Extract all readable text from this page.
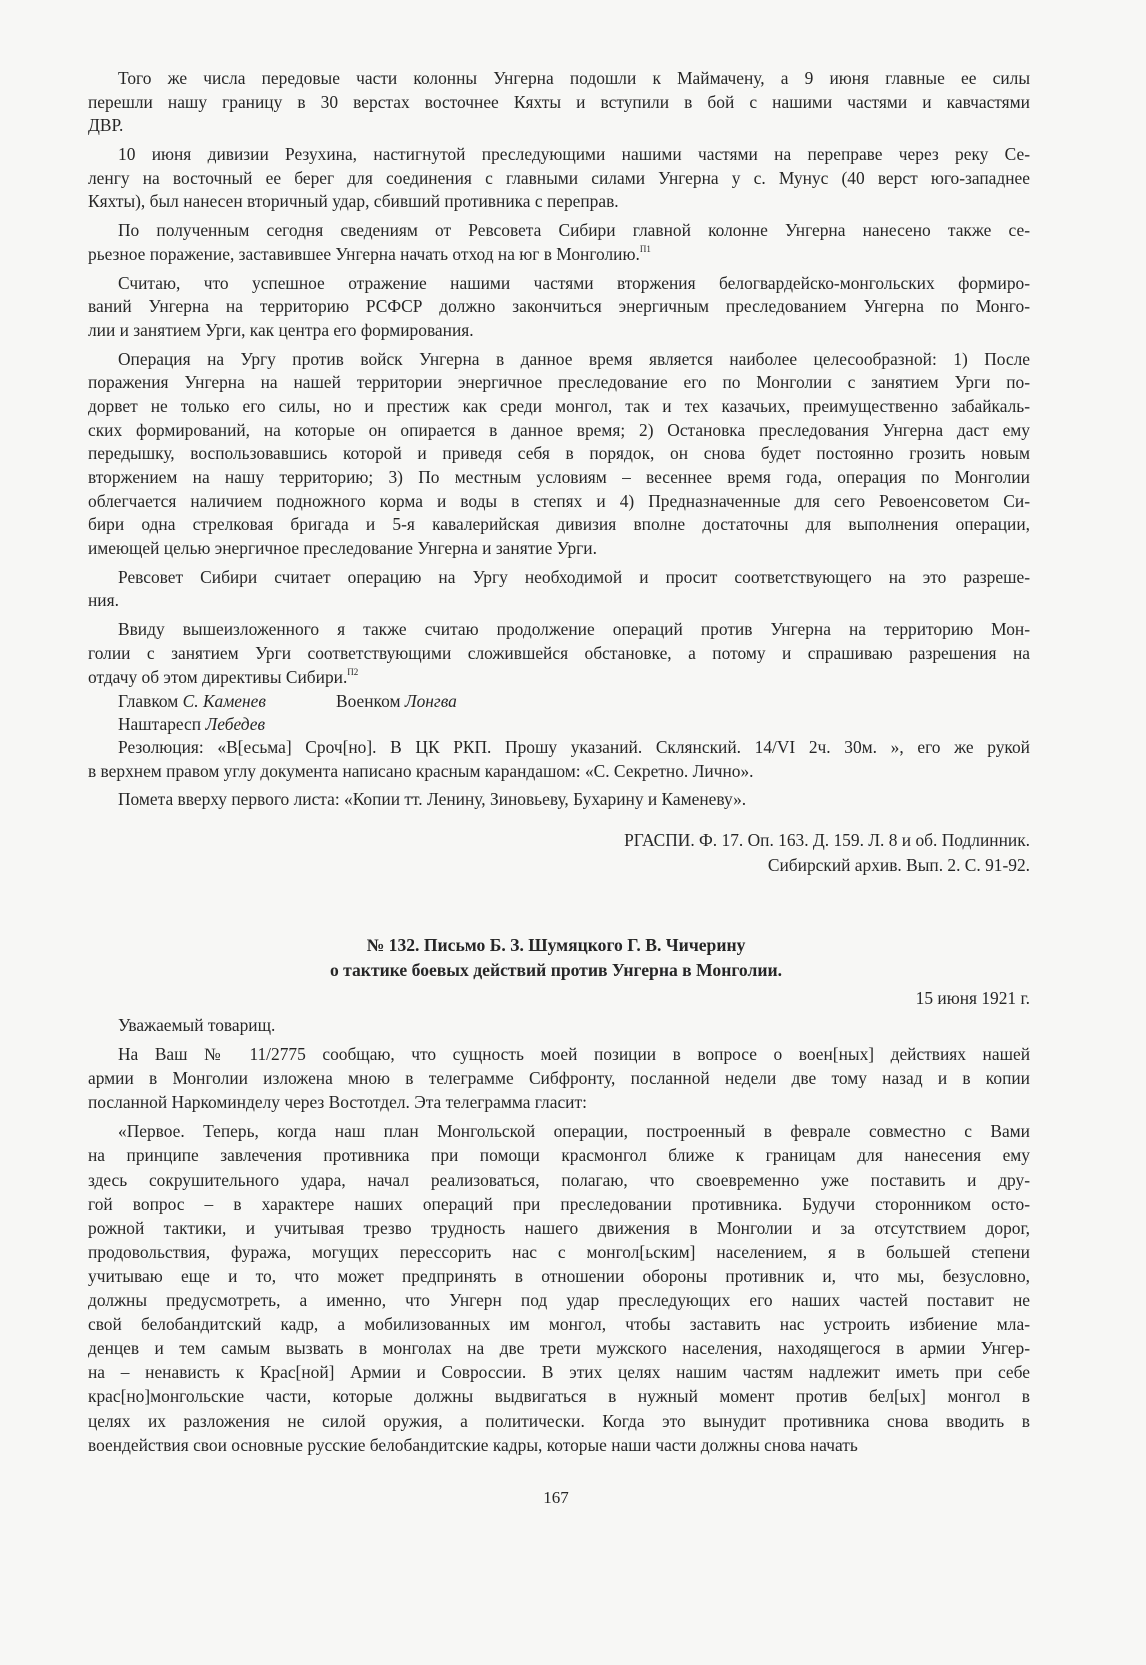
Того же числа передовые части колонны Унгерна подошли к Маймачену, а 9 июня главные ее силы
перешли нашу границу в 30 верстах восточнее Кяхты и вступили в бой с нашими частями и кавчастями
ДВР.
10 июня дивизии Резухина, настигнутой преследующими нашими частями на переправе через реку Се-
ленгу на восточный ее берег для соединения с главными силами Унгерна у с. Мунус (40 верст юго-западнее
Кяхты), был нанесен вторичный удар, сбивший противника с переправ.
По полученным сегодня сведениям от Ревсовета Сибири главной колонне Унгерна нанесено также се-
рьезное поражение, заставившее Унгерна начать отход на юг в Монголию.$^{П1}$
Считаю, что успешное отражение нашими частями вторжения белогвардейско-монгольских формиро-
ваний Унгерна на территорию РСФСР должно закончиться энергичным преследованием Унгерна по Монго-
лии и занятием Урги, как центра его формирования.
Операция на Ургу против войск Унгерна в данное время является наиболее целесообразной: 1) После
поражения Унгерна на нашей территории энергичное преследование его по Монголии с занятием Урги по-
дорвет не только его силы, но и престиж как среди монгол, так и тех казачьих, преимущественно забайкаль-
ских формирований, на которые он опирается в данное время; 2) Остановка преследования Унгерна даст ему
передышку, воспользовавшись которой и приведя себя в порядок, он снова будет постоянно грозить новым
вторжением на нашу территорию; 3) По местным условиям – весеннее время года, операция по Монголии
облегчается наличием подножного корма и воды в степях и 4) Предназначенные для сего Ревоенсоветом Си-
бири одна стрелковая бригада и 5-я кавалерийская дивизия вполне достаточны для выполнения операции,
имеющей целью энергичное преследование Унгерна и занятие Урги.
Ревсовет Сибири считает операцию на Ургу необходимой и просит соответствующего на это разреше-
ния.
Ввиду вышеизложенного я также считаю продолжение операций против Унгерна на территорию Мон-
голии с занятием Урги соответствующими сложившейся обстановке, а потому и спрашиваю разрешения на
отдачу об этом директивы Сибири.$^{П2}$
Главком С. Каменев	Военком Лонгва
Наштаресп Лебедев
Резолюция: «В[есьма] Сроч[но]. В ЦК РКП. Прошу указаний. Склянский. 14/VI 2ч. 30м. », его же рукой
в верхнем правом углу документа написано красным карандашом: «С. Секретно. Лично».
Помета вверху первого листа: «Копии тт. Ленину, Зиновьеву, Бухарину и Каменеву».
РГАСПИ. Ф. 17. Оп. 163. Д. 159. Л. 8 и об. Подлинник.
Сибирский архив. Вып. 2. С. 91-92.
№ 132. Письмо Б. З. Шумяцкого Г. В. Чичерину
о тактике боевых действий против Унгерна в Монголии.
15 июня 1921 г.
Уважаемый товарищ.
На Ваш № 11/2775 сообщаю, что сущность моей позиции в вопросе о воен[ных] действиях нашей
армии в Монголии изложена мною в телеграмме Сибфронту, посланной недели две тому назад и в копии
посланной Наркоминделу через Востотдел. Эта телеграмма гласит:
«Первое. Теперь, когда наш план Монгольской операции, построенный в феврале совместно с Вами
на принципе завлечения противника при помощи красмонгол ближе к границам для нанесения ему
здесь сокрушительного удара, начал реализоваться, полагаю, что своевременно уже поставить и дру-
гой вопрос – в характере наших операций при преследовании противника. Будучи сторонником осто-
рожной тактики, и учитывая трезво трудность нашего движения в Монголии и за отсутствием дорог,
продовольствия, фуража, могущих пересcорить нас с монгол[ьским] населением, я в большей степени
учитываю еще и то, что может предпринять в отношении обороны противник и, что мы, безусловно,
должны предусмотреть, а именно, что Унгерн под удар преследующих его наших частей поставит не
свой белобандитский кадр, а мобилизованных им монгол, чтобы заставить нас устроить избиение мла-
денцев и тем самым вызвать в монголах на две трети мужского населения, находящегося в армии Унгер-
на – ненависть к Крас[ной] Армии и Совроссии. В этих целях нашим частям надлежит иметь при себе
крас[но]монгольские части, которые должны выдвигаться в нужный момент против бел[ых] монгол в
целях их разложения не силой оружия, а политически. Когда это вынудит противника снова вводить в
воендействия свои основные русские белобандитские кадры, которые наши части должны снова начать
167
